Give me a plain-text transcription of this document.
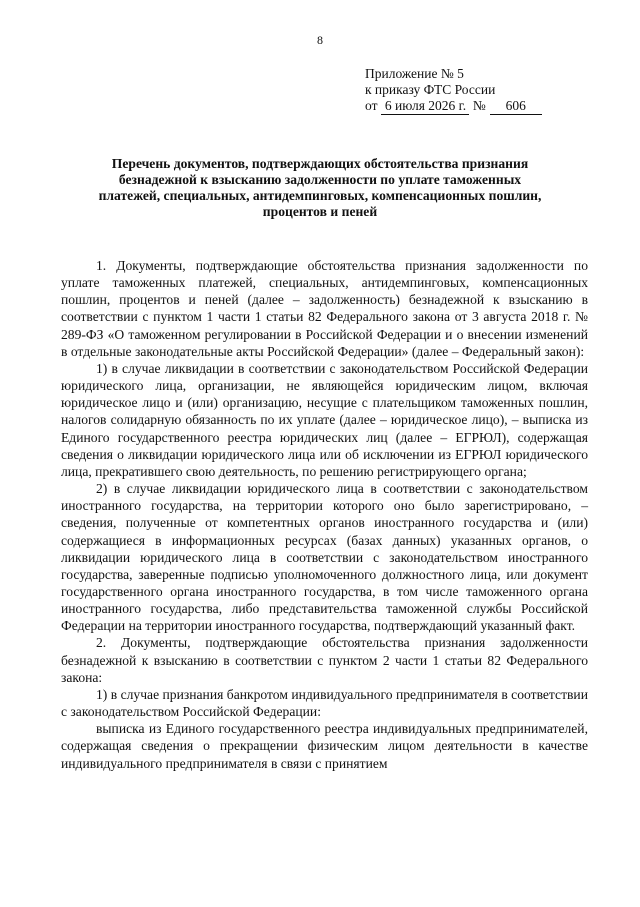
8
Приложение № 5
к приказу ФТС России
от 6 июля 2026 г. № 606
Перечень документов, подтверждающих обстоятельства признания безнадежной к взысканию задолженности по уплате таможенных платежей, специальных, антидемпинговых, компенсационных пошлин, процентов и пеней

1. Документы, подтверждающие обстоятельства признания задолженности по уплате таможенных платежей, специальных, антидемпинговых, компенсационных пошлин, процентов и пеней (далее – задолженность) безнадежной к взысканию в соответствии с пунктом 1 части 1 статьи 82 Федерального закона от 3 августа 2018 г. № 289-ФЗ «О таможенном регулировании в Российской Федерации и о внесении изменений в отдельные законодательные акты Российской Федерации» (далее – Федеральный закон):

1) в случае ликвидации в соответствии с законодательством Российской Федерации юридического лица, организации, не являющейся юридическим лицом, включая юридическое лицо и (или) организацию, несущие с плательщиком таможенных пошлин, налогов солидарную обязанность по их уплате (далее – юридическое лицо), – выписка из Единого государственного реестра юридических лиц (далее – ЕГРЮЛ), содержащая сведения о ликвидации юридического лица или об исключении из ЕГРЮЛ юридического лица, прекратившего свою деятельность, по решению регистрирующего органа;

2) в случае ликвидации юридического лица в соответствии с законодательством иностранного государства, на территории которого оно было зарегистрировано, – сведения, полученные от компетентных органов иностранного государства и (или) содержащиеся в информационных ресурсах (базах данных) указанных органов, о ликвидации юридического лица в соответствии с законодательством иностранного государства, заверенные подписью уполномоченного должностного лица, или документ государственного органа иностранного государства, в том числе таможенного органа иностранного государства, либо представительства таможенной службы Российской Федерации на территории иностранного государства, подтверждающий указанный факт.

2. Документы, подтверждающие обстоятельства признания задолженности безнадежной к взысканию в соответствии с пунктом 2 части 1 статьи 82 Федерального закона:

1) в случае признания банкротом индивидуального предпринимателя в соответствии с законодательством Российской Федерации:

выписка из Единого государственного реестра индивидуальных предпринимателей, содержащая сведения о прекращении физическим лицом деятельности в качестве индивидуального предпринимателя в связи с принятием
